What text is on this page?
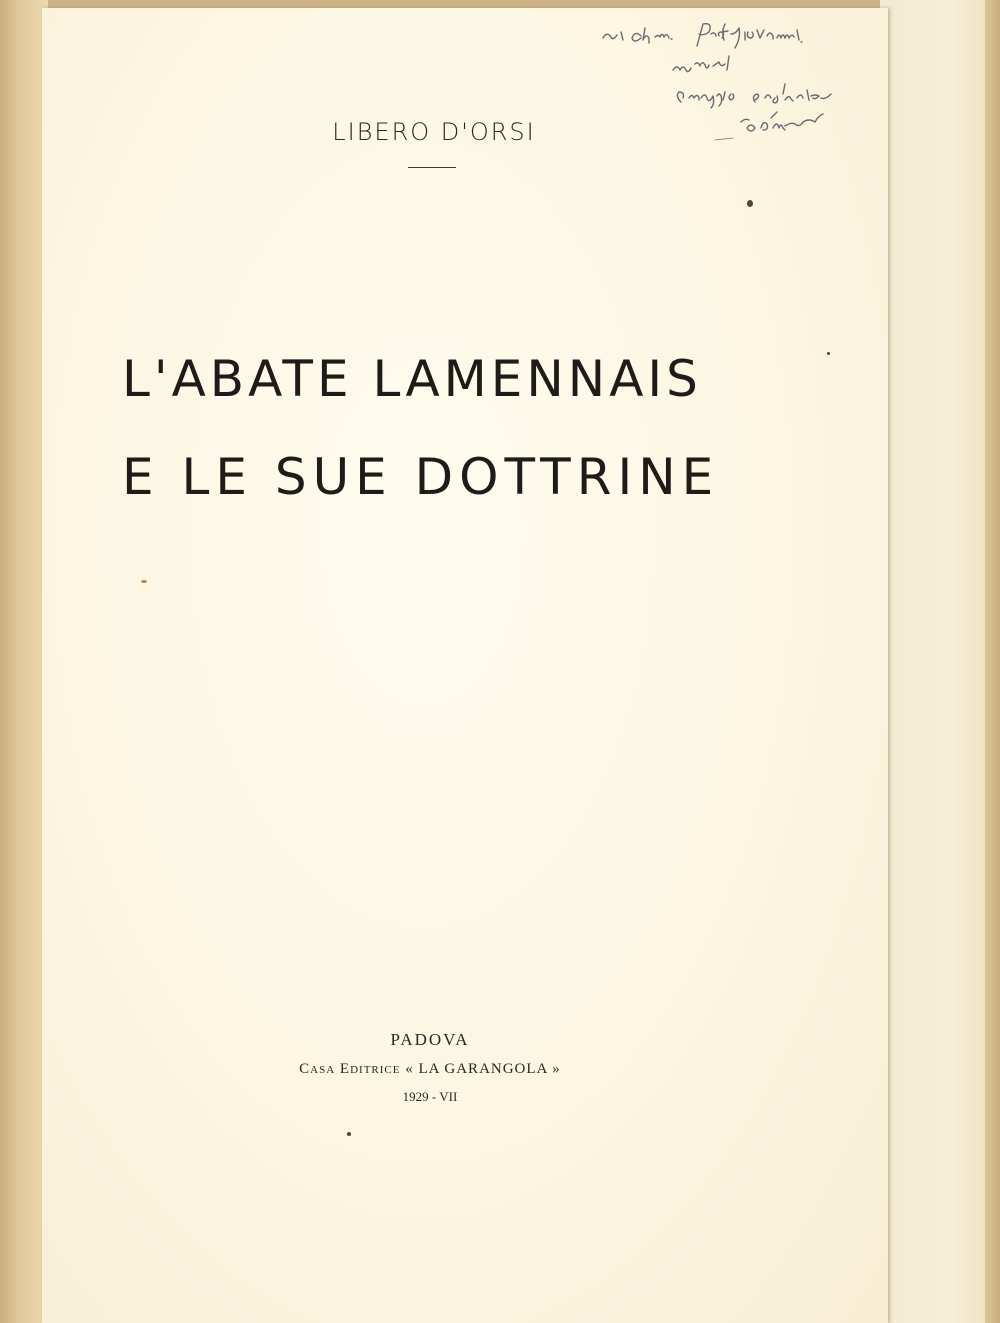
LIBERO D'ORSI
L'ABATE LAMENNAIS
E LE SUE DOTTRINE
PADOVA
Casa Editrice « LA GARANGOLA »
1929 - VII
